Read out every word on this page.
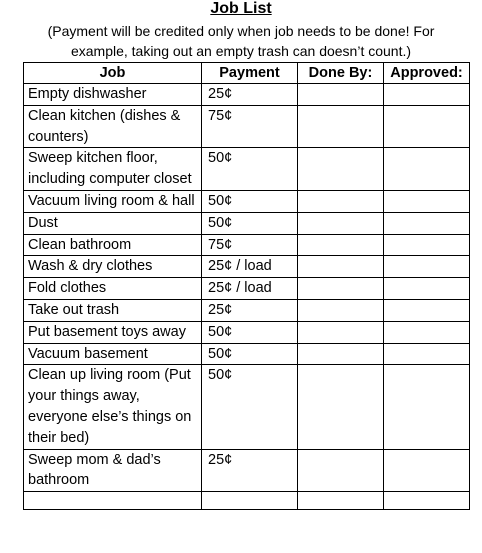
Job List
(Payment will be credited only when job needs to be done! For
example, taking out an empty trash can doesn’t count.)
Job	Payment	Done By:	Approved:
Empty dishwasher	25¢		
Clean kitchen (dishes & counters)	75¢		
Sweep kitchen floor, including computer closet	50¢		
Vacuum living room & hall	50¢		
Dust	50¢		
Clean bathroom	75¢		
Wash & dry clothes	25¢ / load		
Fold clothes	25¢ / load		
Take out trash	25¢		
Put basement toys away	50¢		
Vacuum basement	50¢		
Clean up living room (Put your things away, everyone else’s things on their bed)	50¢		
Sweep mom & dad’s bathroom	25¢		
